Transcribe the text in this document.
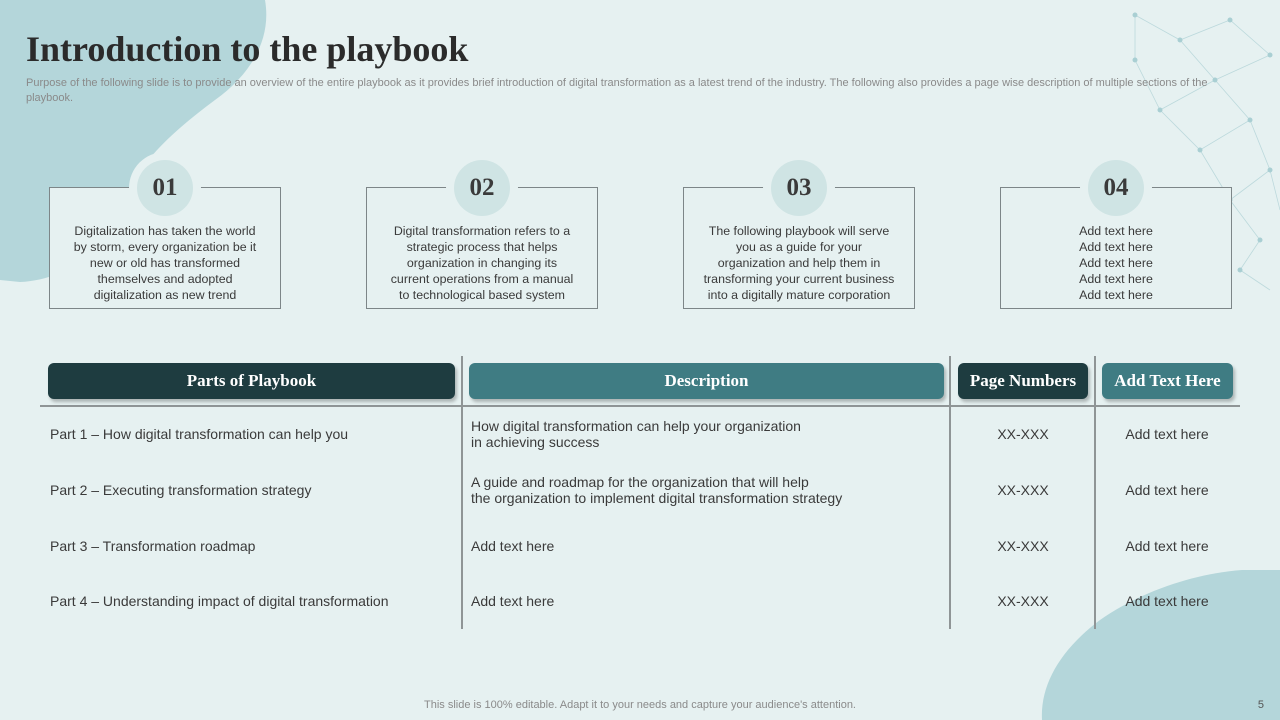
Introduction to the playbook

Purpose of the following slide is to provide an overview of the entire playbook as it provides brief introduction of digital transformation as a latest trend of the industry. The following also provides a page wise description of multiple sections of the playbook.

01
Digitalization has taken the world
by storm, every organization be it
new or old has transformed
themselves and adopted
digitalization as new trend
02
Digital transformation refers to a
strategic process that helps
organization in changing its
current operations from a manual
to technological based system
03
The following playbook will serve
you as a guide for your
organization and help them in
transforming your current business
into a digitally mature corporation
04
Add text here
Add text here
Add text here
Add text here
Add text here
Parts of Playbook	Description	Page Numbers	Add Text Here
Part 1 – How digital transformation can help you	How digital transformation can help your organization
in achieving success	XX-XXX	Add text here
Part 2 – Executing transformation strategy	A guide and roadmap for the organization that will help
the organization to implement digital transformation strategy	XX-XXX	Add text here
Part 3 – Transformation roadmap	Add text here	XX-XXX	Add text here
Part 4 – Understanding impact of digital transformation	Add text here	XX-XXX	Add text here
This slide is 100% editable. Adapt it to your needs and capture your audience's attention.	5
